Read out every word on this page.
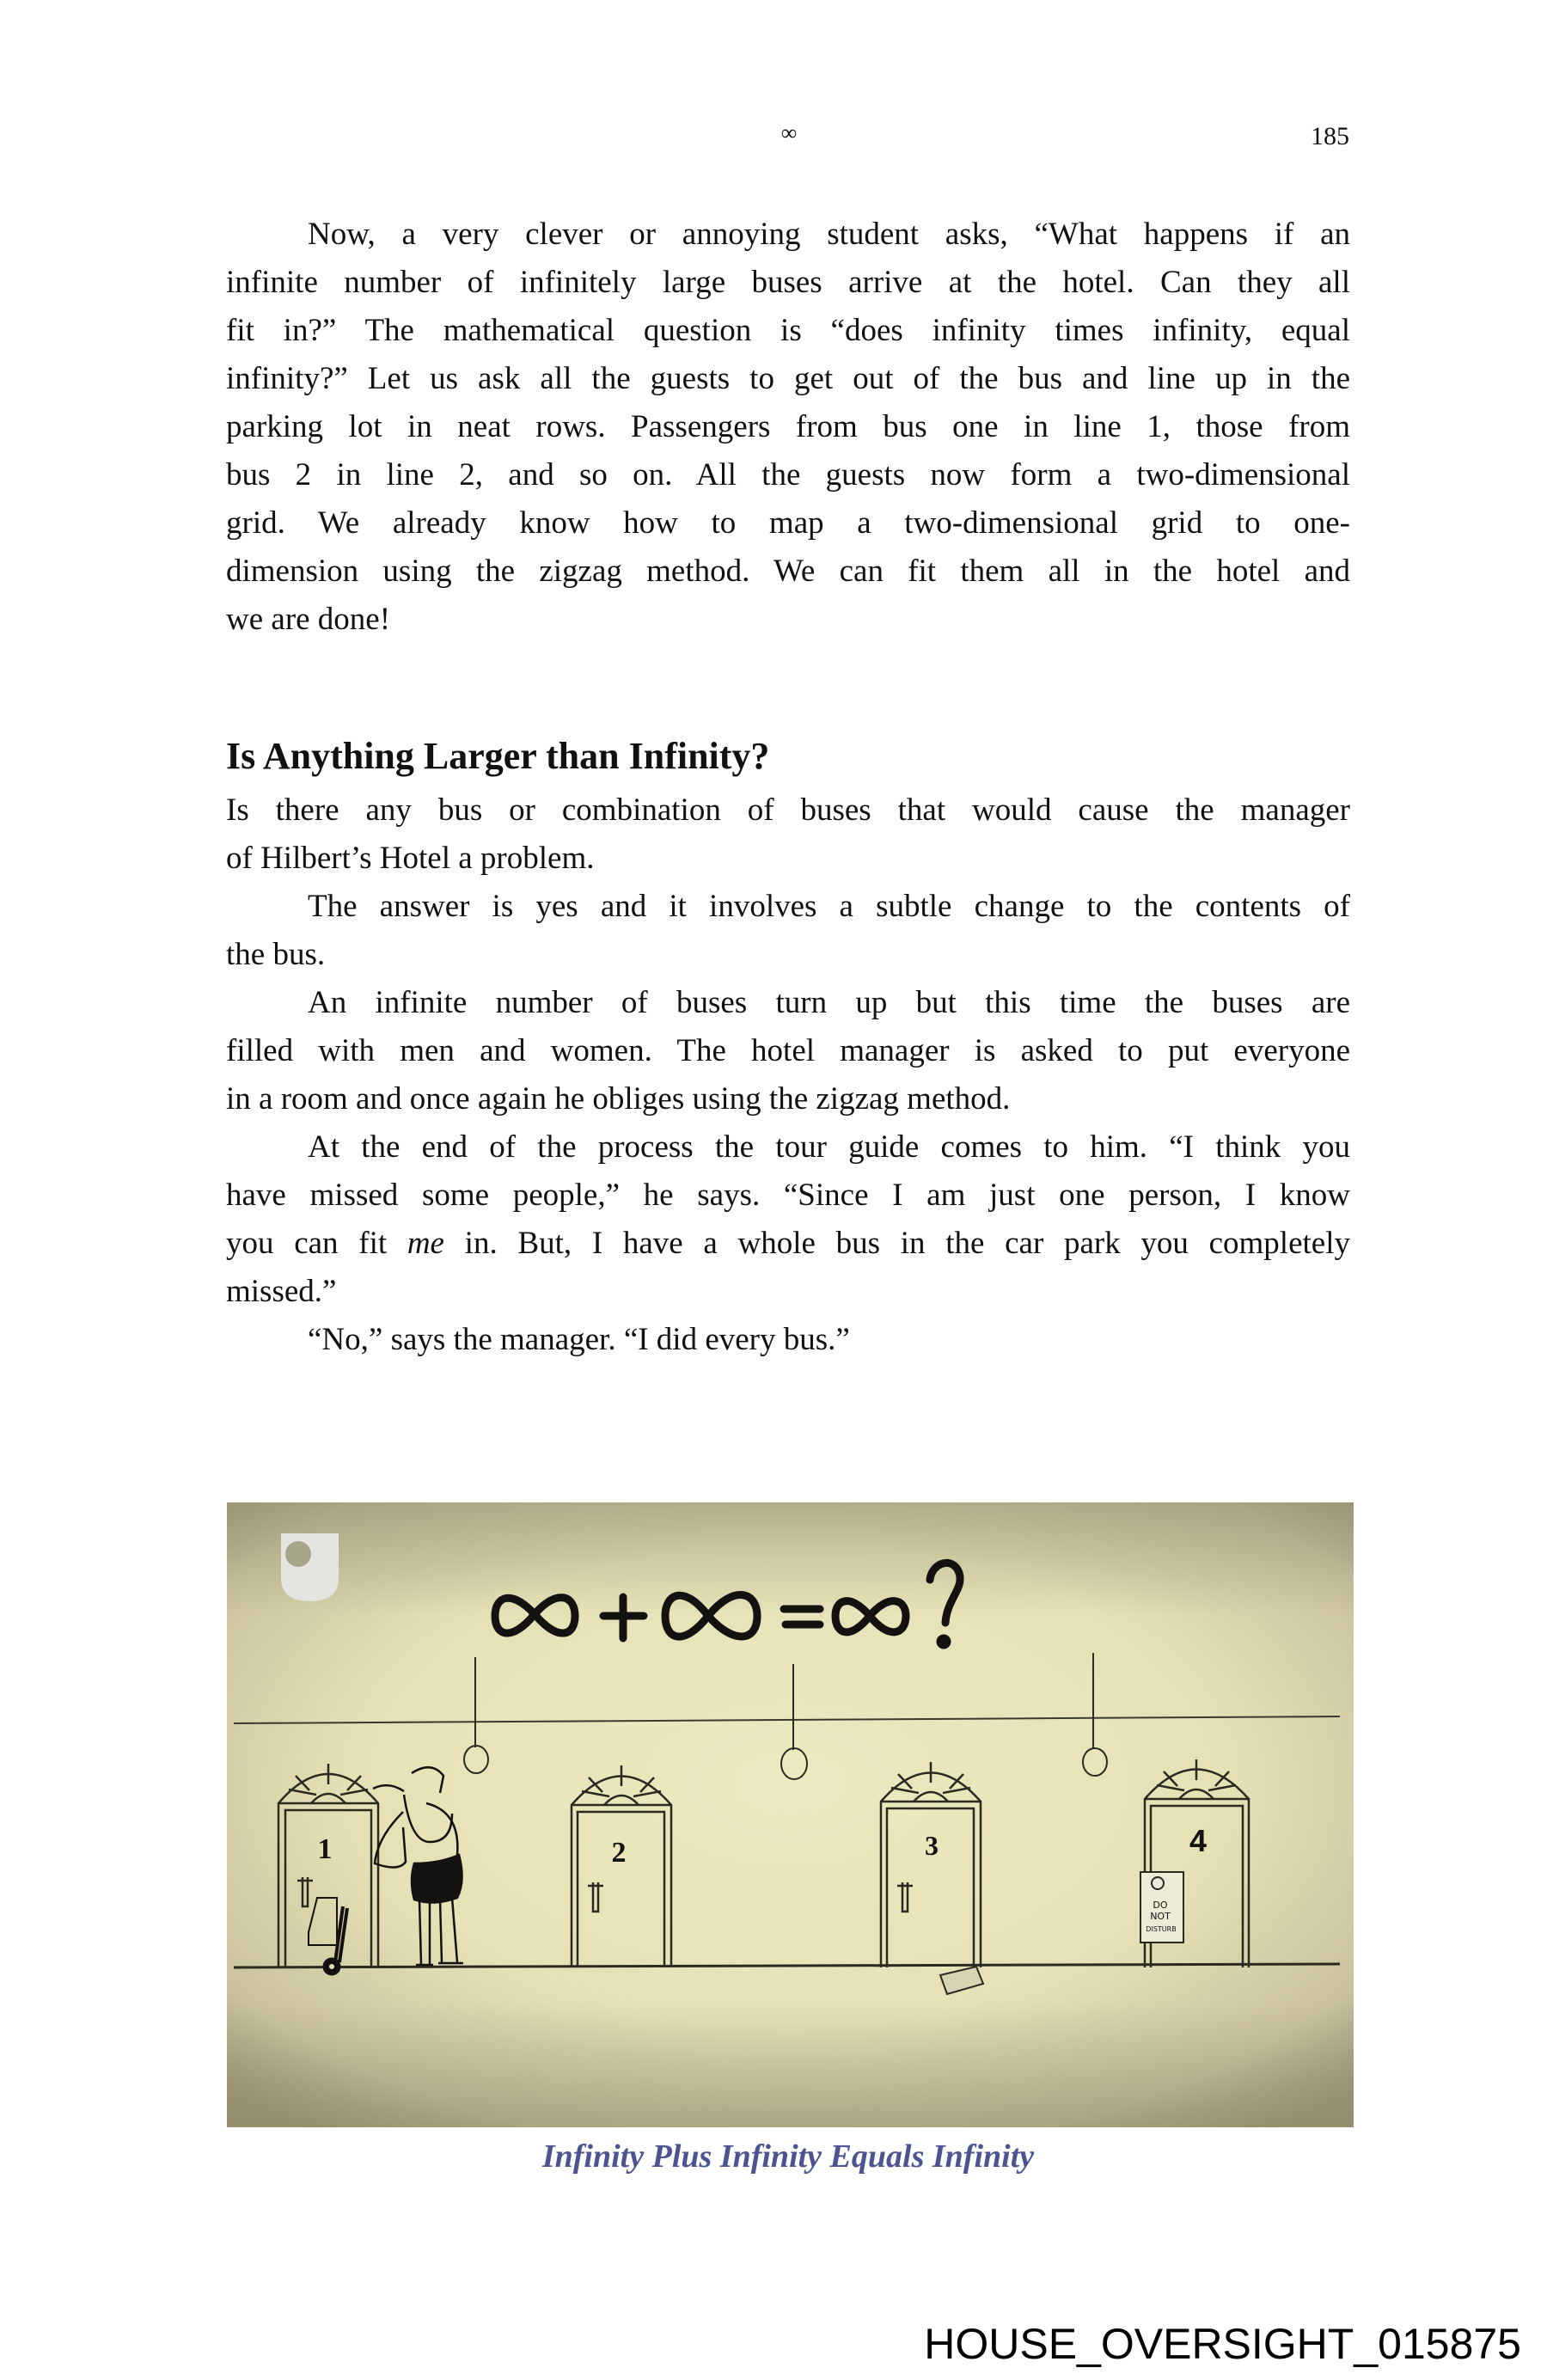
∞	185
Now, a very clever or annoying student asks, “What happens if an
infinite number of infinitely large buses arrive at the hotel. Can they all
fit in?” The mathematical question is “does infinity times infinity, equal
infinity?” Let us ask all the guests to get out of the bus and line up in the
parking lot in neat rows. Passengers from bus one in line 1, those from
bus 2 in line 2, and so on. All the guests now form a two-dimensional
grid. We already know how to map a two-dimensional grid to one-
dimension using the zigzag method. We can fit them all in the hotel and
we are done!
Is Anything Larger than Infinity?
Is there any bus or combination of buses that would cause the manager
of Hilbert’s Hotel a problem.
The answer is yes and it involves a subtle change to the contents of
the bus.
An infinite number of buses turn up but this time the buses are
filled with men and women. The hotel manager is asked to put everyone
in a room and once again he obliges using the zigzag method.
At the end of the process the tour guide comes to him. “I think you
have missed some people,” he says. “Since I am just one person, I know
you can fit me in. But, I have a whole bus in the car park you completely
missed.”
“No,” says the manager. “I did every bus.”
1	2	3	4
DO
NOT
DISTURB
Infinity Plus Infinity Equals Infinity
HOUSE_OVERSIGHT_015875
